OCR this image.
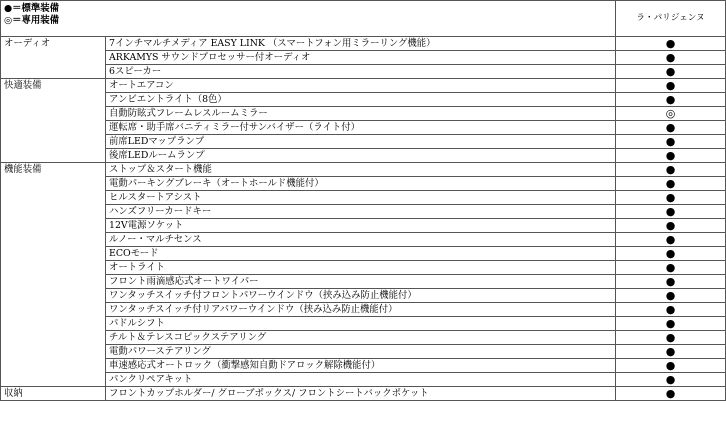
●＝標準装備
◎＝専用装備		ラ・パリジェンヌ
オーディオ	7インチマルチメディア EASY LINK （スマートフォン用ミラーリング機能）	●
	ARKAMYS サウンドプロセッサー付オーディオ	●
	6スピーカー	●
快適装備	オートエアコン	●
	アンビエントライト（8色）	●
	自動防眩式フレームレスルームミラー	◎
	運転席・助手席バニティミラー付サンバイザー（ライト付）	●
	前席LEDマップランプ	●
	後席LEDルームランプ	●
機能装備	ストップ＆スタート機能	●
	電動パーキングブレーキ（オートホールド機能付）	●
	ヒルスタートアシスト	●
	ハンズフリーカードキー	●
	12V電源ソケット	●
	ルノー・マルチセンス	●
	ECOモード	●
	オートライト	●
	フロント雨滴感応式オートワイパー	●
	ワンタッチスイッチ付フロントパワーウインドウ（挟み込み防止機能付）	●
	ワンタッチスイッチ付リアパワーウインドウ（挟み込み防止機能付）	●
	パドルシフト	●
	チルト＆テレスコピックステアリング	●
	電動パワーステアリング	●
	車速感応式オートロック（衝撃感知自動ドアロック解除機能付）	●
	パンクリペアキット	●
収納	フロントカップホルダー/ グローブボックス/ フロントシートバックポケット	●
